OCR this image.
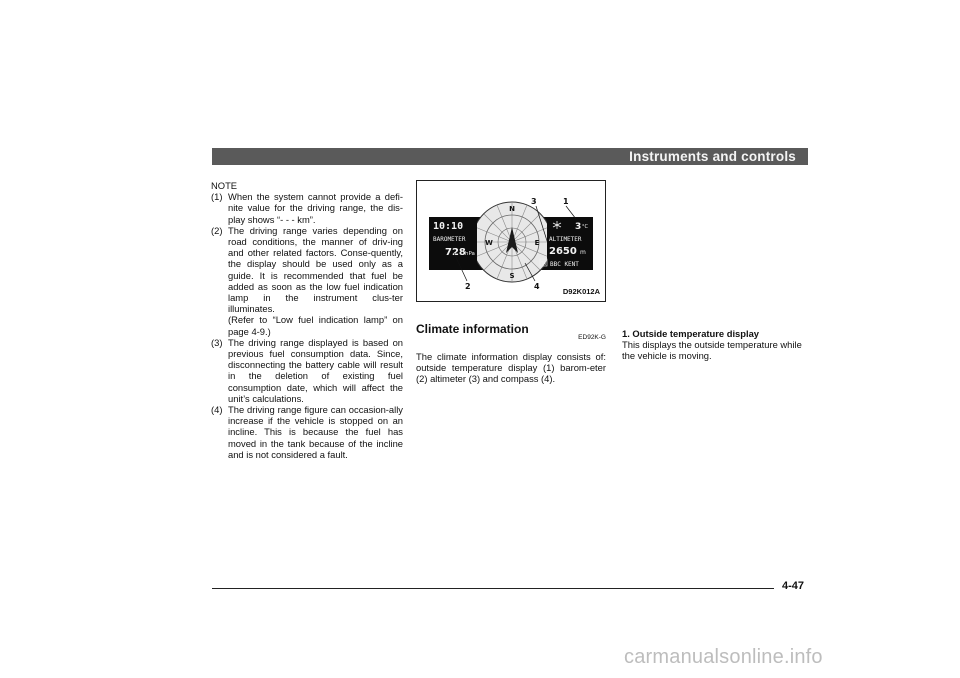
Instruments and controls
NOTE
(1) When the system cannot provide a defi-nite value for the driving range, the dis-play shows “- - - km”.
(2) The driving range varies depending on road conditions, the manner of driv-ing and other related factors. Conse-quently, the display should be used only as a guide. It is recommended that fuel be added as soon as the low fuel indication lamp in the instrument clus-ter illuminates.
(Refer to “Low fuel indication lamp” on page 4-9.)
(3) The driving range displayed is based on previous fuel consumption data. Since, disconnecting the battery cable will result in the deletion of existing fuel consumption date, which will affect the unit’s calculations.
(4) The driving range figure can occasion-ally increase if the vehicle is stopped on an incline. This is because the fuel has moved in the tank because of the incline and is not considered a fault.
N
E
S
W
10:10
BAROMETER
728 hPa
3 °C
ALTIMETER
2650 m
TA BBC KENT
3	1
2	4
D92K012A
Climate information
ED92K-G
The climate information display consists of: outside temperature display (1) barom-eter (2) altimeter (3) and compass (4).
1. Outside temperature display
This displays the outside temperature while the vehicle is moving.
4-47
carmanualsonline.info
